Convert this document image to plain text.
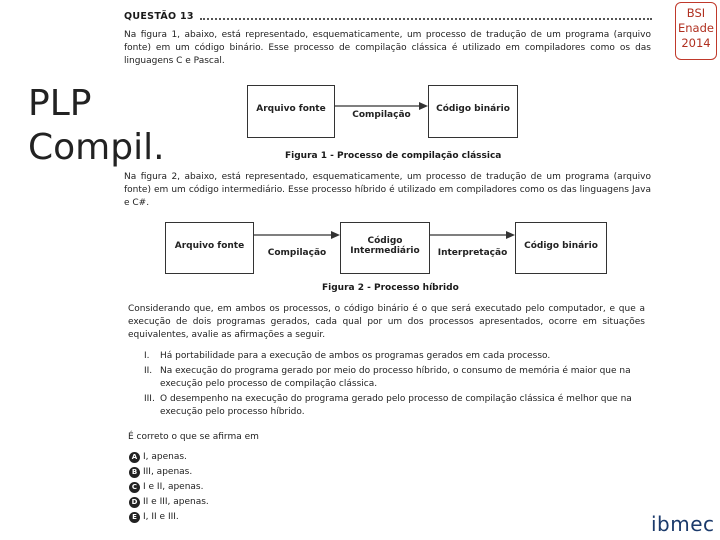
BSI
Enade
2014
PLP
Compil.
QUESTÃO 13
Na figura 1, abaixo, está representado, esquematicamente, um processo de tradução de um programa (arquivo fonte) em um código binário. Esse processo de compilação clássica é utilizado em compiladores como os das linguagens C e Pascal.
Arquivo fonte	Código binário
Compilação
Figura 1 - Processo de compilação clássica
Na figura 2, abaixo, está representado, esquematicamente, um processo de tradução de um programa (arquivo fonte) em um código intermediário. Esse processo híbrido é utilizado em compiladores como os das linguagens Java e C#.
Arquivo fonte	Código
Intermediário	Código binário
Compilação	Interpretação
Figura 2 - Processo híbrido
Considerando que, em ambos os processos, o código binário é o que será executado pelo computador, e que a execução de dois programas gerados, cada qual por um dos processos apresentados, ocorre em situações equivalentes, avalie as afirmações a seguir.
I.	Há portabilidade para a execução de ambos os programas gerados em cada processo.
II. Na execução do programa gerado por meio do processo híbrido, o consumo de memória é maior que na execução pelo processo de compilação clássica.
III. O desempenho na execução do programa gerado pelo processo de compilação clássica é melhor que na execução pelo processo híbrido.
É correto o que se afirma em
A I, apenas.
B III, apenas.
C I e II, apenas.
D II e III, apenas.
E I, II e III.	ibmec
